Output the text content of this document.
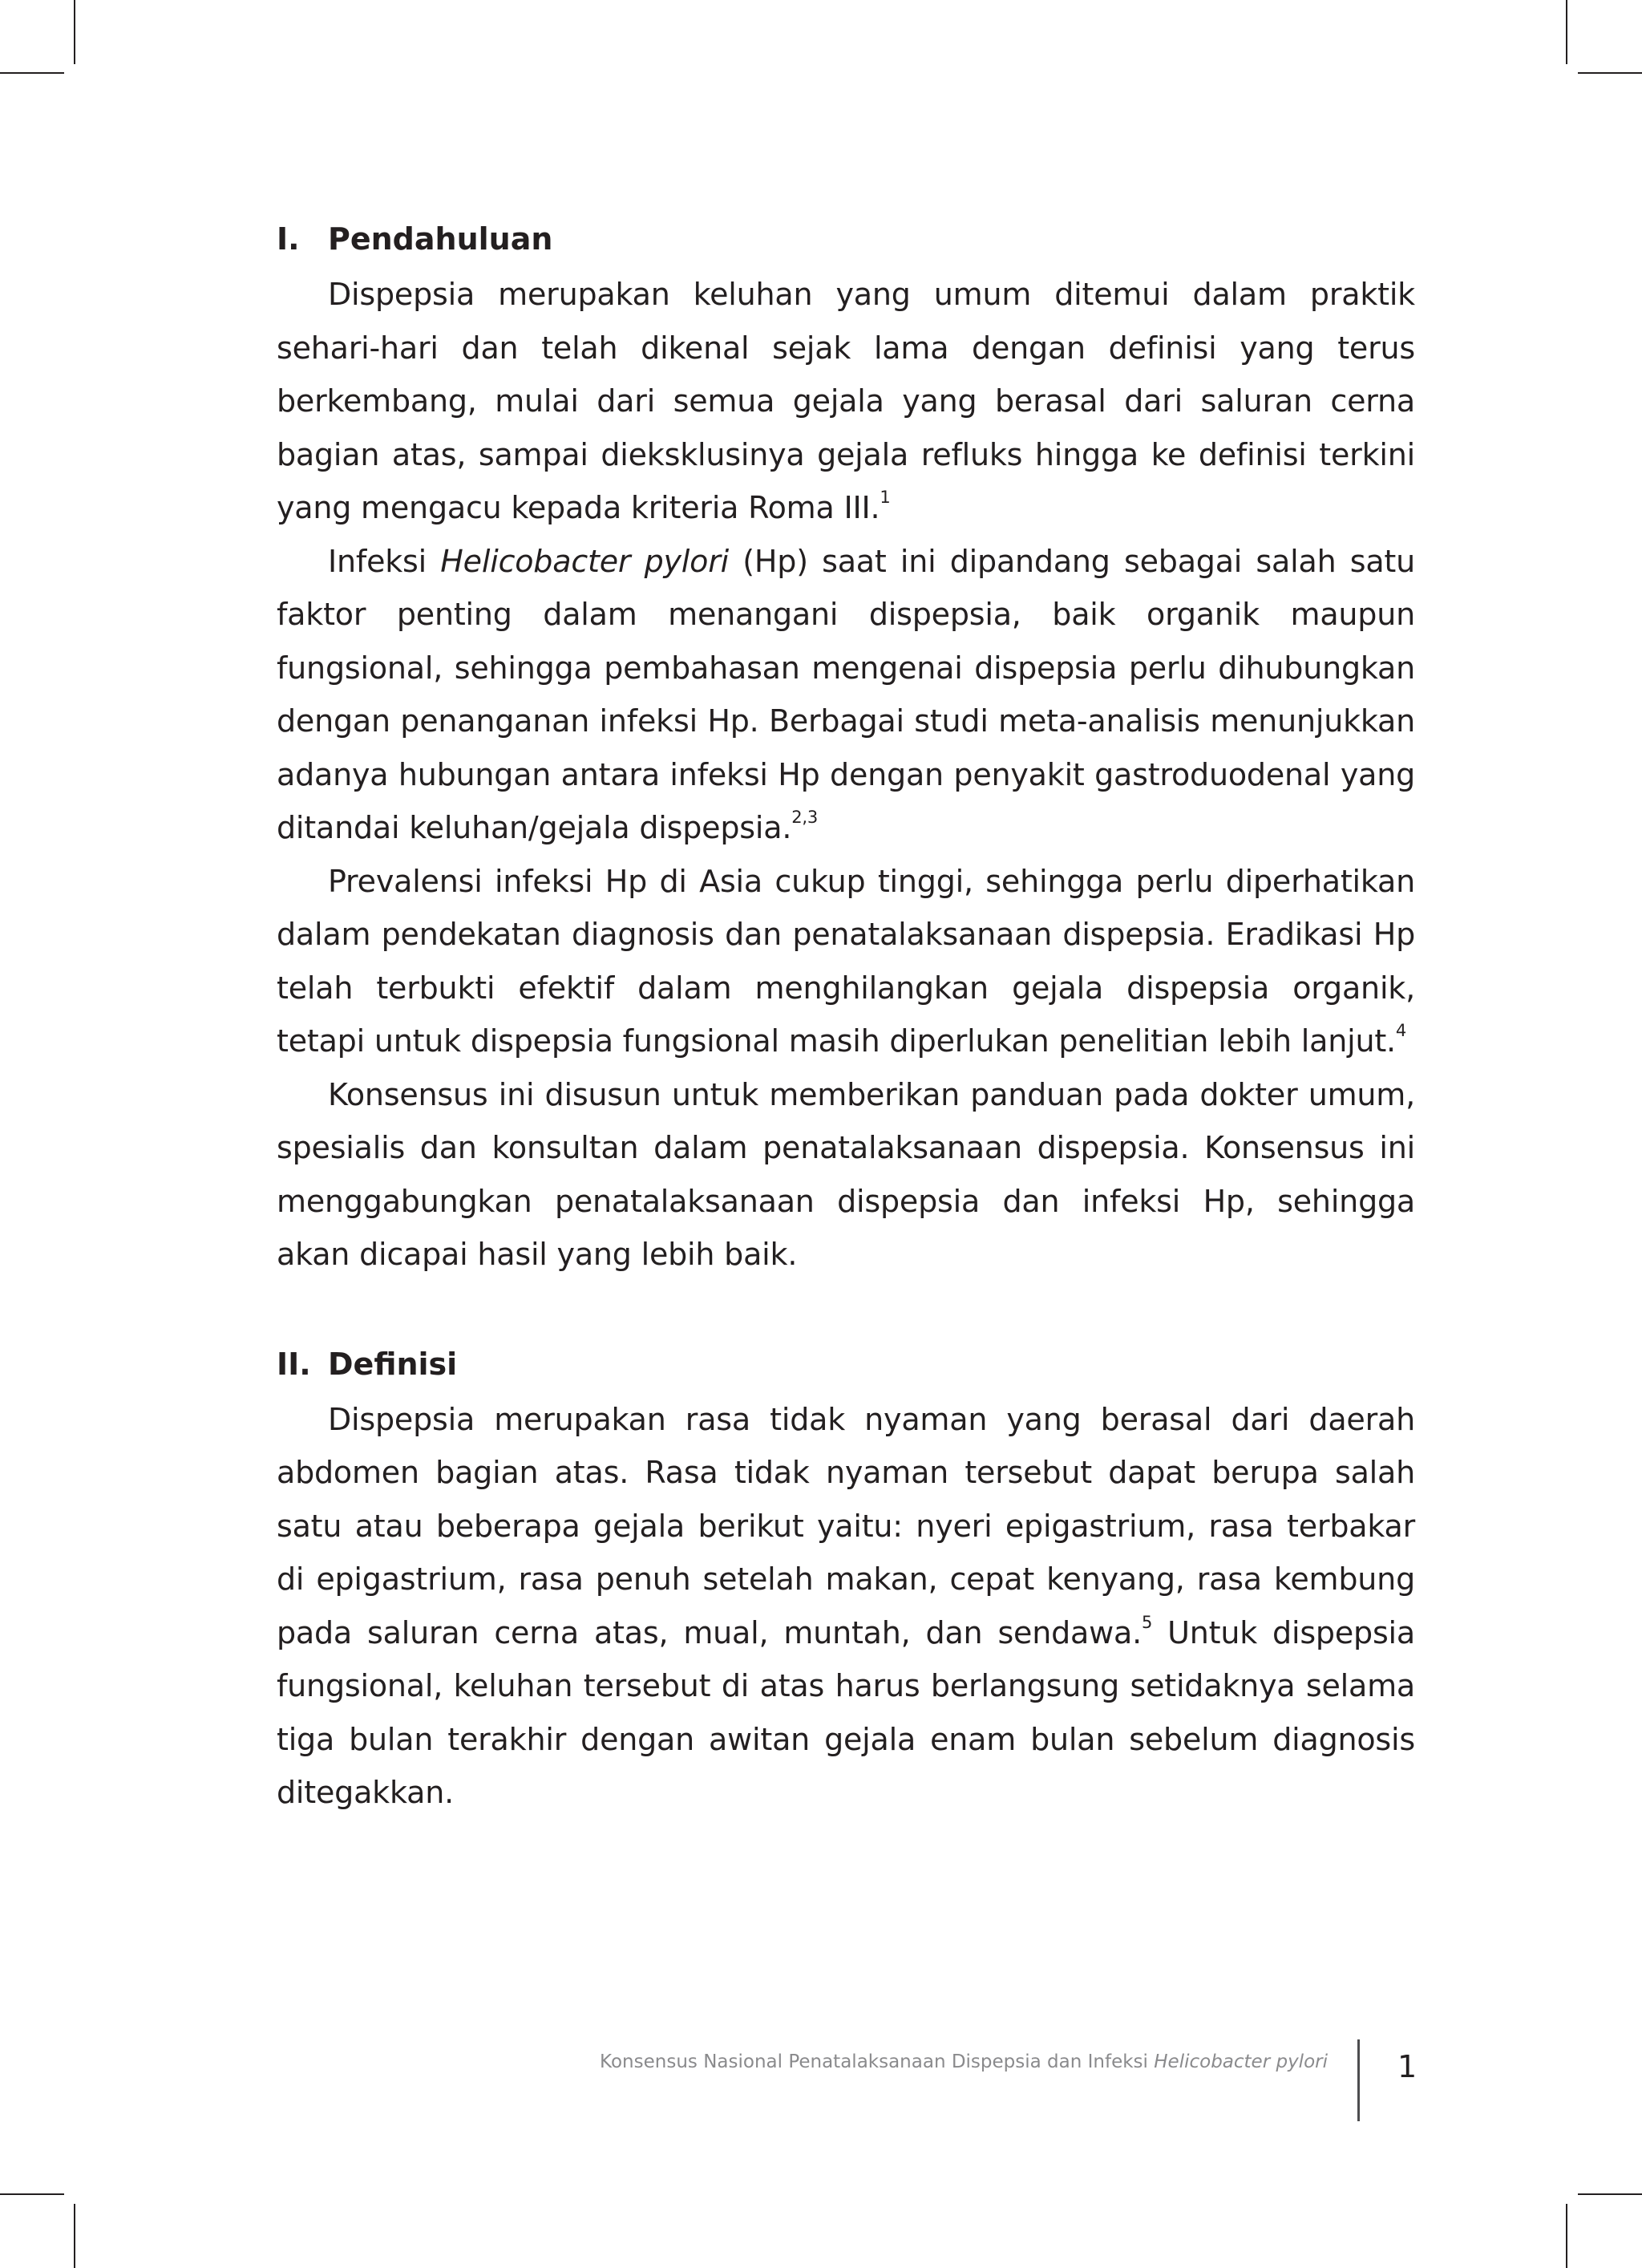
I. Pendahuluan

Dispepsia merupakan keluhan yang umum ditemui dalam praktik sehari-hari dan telah dikenal sejak lama dengan definisi yang terus berkembang, mulai dari semua gejala yang berasal dari saluran cerna bagian atas, sampai dieksklusinya gejala refluks hingga ke definisi terkini yang mengacu kepada kriteria Roma III.$^1$

Infeksi Helicobacter pylori (Hp) saat ini dipandang sebagai salah satu faktor penting dalam menangani dispepsia, baik organik maupun fungsional, sehingga pembahasan mengenai dispepsia perlu dihubungkan dengan penanganan infeksi Hp. Berbagai studi meta-analisis menunjukkan adanya hubungan antara infeksi Hp dengan penyakit gastroduodenal yang ditandai keluhan/gejala dispepsia.$^{2,3}$

Prevalensi infeksi Hp di Asia cukup tinggi, sehingga perlu diperhatikan dalam pendekatan diagnosis dan penatalaksanaan dispepsia. Eradikasi Hp telah terbukti efektif dalam menghilangkan gejala dispepsia organik, tetapi untuk dispepsia fungsional masih diperlukan penelitian lebih lanjut.$^4$

Konsensus ini disusun untuk memberikan panduan pada dokter umum, spesialis dan konsultan dalam penatalaksanaan dispepsia. Konsensus ini menggabungkan penatalaksanaan dispepsia dan infeksi Hp, sehingga akan dicapai hasil yang lebih baik.

II. Definisi

Dispepsia merupakan rasa tidak nyaman yang berasal dari daerah abdomen bagian atas. Rasa tidak nyaman tersebut dapat berupa salah satu atau beberapa gejala berikut yaitu: nyeri epigastrium, rasa terbakar di epigastrium, rasa penuh setelah makan, cepat kenyang, rasa kembung pada saluran cerna atas, mual, muntah, dan sendawa.$^5$ Untuk dispepsia fungsional, keluhan tersebut di atas harus berlangsung setidaknya selama tiga bulan terakhir dengan awitan gejala enam bulan sebelum diagnosis ditegakkan.

Konsensus Nasional Penatalaksanaan Dispepsia dan Infeksi Helicobacter pylori 1
